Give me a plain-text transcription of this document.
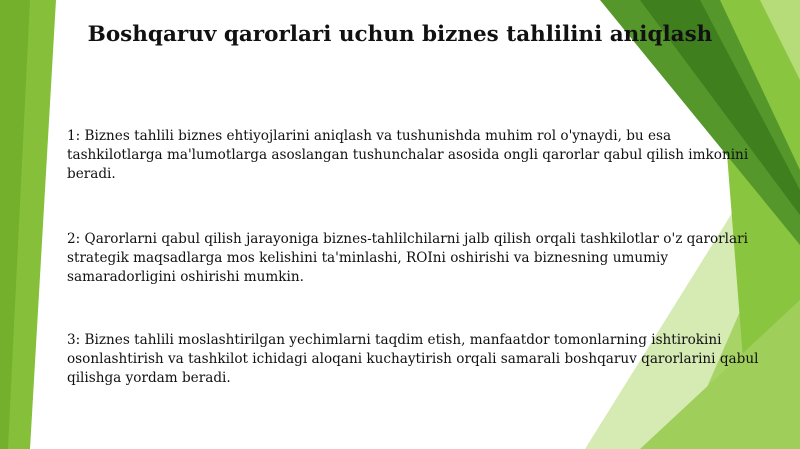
Boshqaruv qarorlari uchun biznes tahlilini aniqlash

1: Biznes tahlili biznes ehtiyojlarini aniqlash va tushunishda muhim rol o'ynaydi, bu esa tashkilotlarga ma'lumotlarga asoslangan tushunchalar asosida ongli qarorlar qabul qilish imkonini beradi.

2: Qarorlarni qabul qilish jarayoniga biznes-tahlilchilarni jalb qilish orqali tashkilotlar o'z qarorlari strategik maqsadlarga mos kelishini ta'minlashi, ROIni oshirishi va biznesning umumiy samaradorligini oshirishi mumkin.

3: Biznes tahlili moslashtirilgan yechimlarni taqdim etish, manfaatdor tomonlarning ishtirokini osonlashtirish va tashkilot ichidagi aloqani kuchaytirish orqali samarali boshqaruv qarorlarini qabul qilishga yordam beradi.
